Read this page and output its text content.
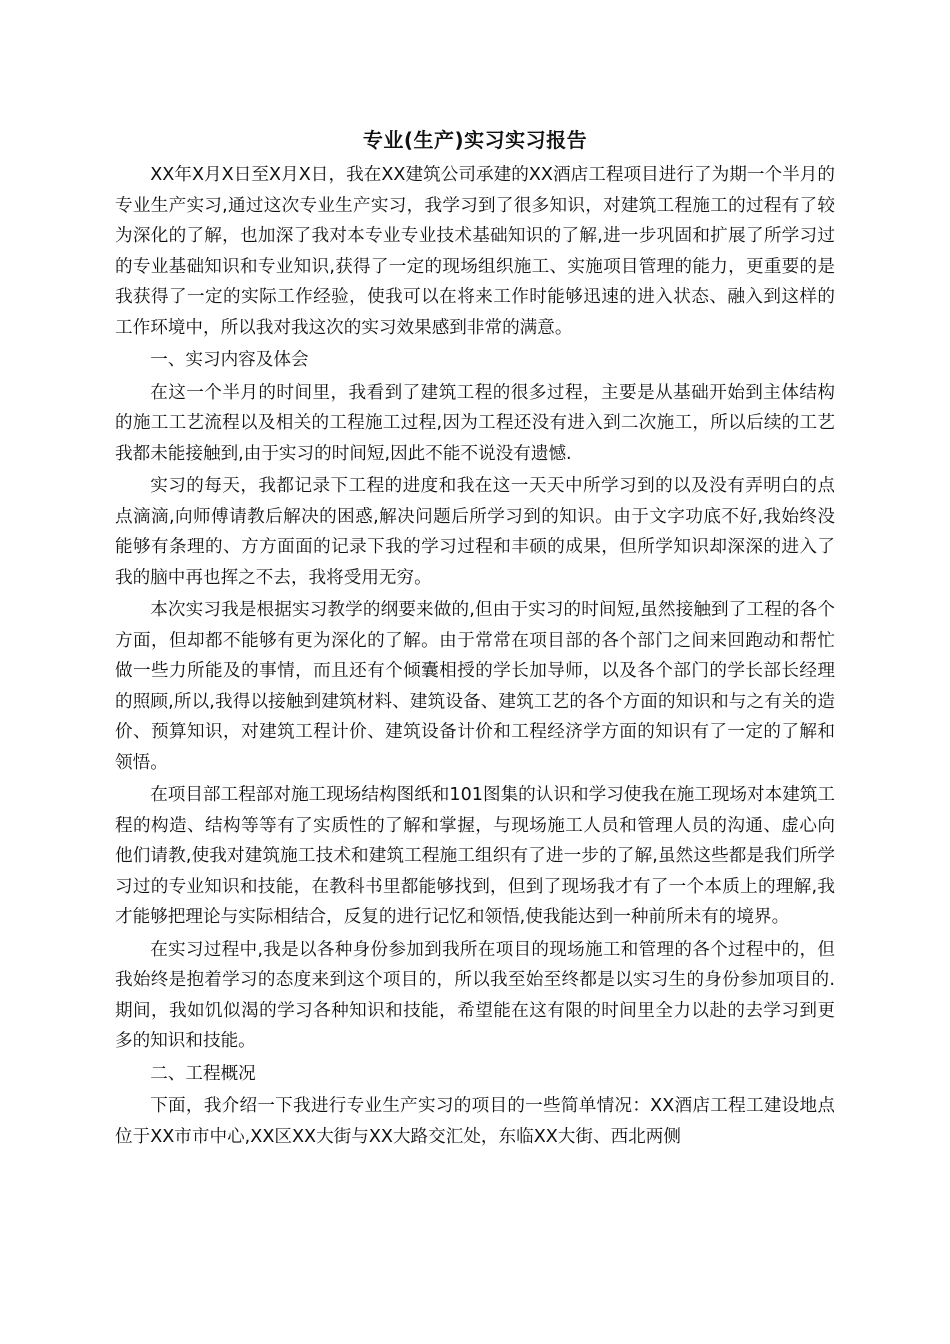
专业(生产)实习实习报告

XX年X月X日至X月X日，我在XX建筑公司承建的XX酒店工程项目进行了为期一个半月的专业生产实习,通过这次专业生产实习，我学习到了很多知识，对建筑工程施工的过程有了较为深化的了解，也加深了我对本专业专业技术基础知识的了解,进一步巩固和扩展了所学习过的专业基础知识和专业知识,获得了一定的现场组织施工、实施项目管理的能力，更重要的是我获得了一定的实际工作经验，使我可以在将来工作时能够迅速的进入状态、融入到这样的工作环境中，所以我对我这次的实习效果感到非常的满意。

一、实习内容及体会

在这一个半月的时间里，我看到了建筑工程的很多过程，主要是从基础开始到主体结构的施工工艺流程以及相关的工程施工过程,因为工程还没有进入到二次施工，所以后续的工艺我都未能接触到,由于实习的时间短,因此不能不说没有遗憾.

实习的每天，我都记录下工程的进度和我在这一天天中所学习到的以及没有弄明白的点点滴滴,向师傅请教后解决的困惑,解决问题后所学习到的知识。由于文字功底不好,我始终没能够有条理的、方方面面的记录下我的学习过程和丰硕的成果，但所学知识却深深的进入了我的脑中再也挥之不去，我将受用无穷。

本次实习我是根据实习教学的纲要来做的,但由于实习的时间短,虽然接触到了工程的各个方面，但却都不能够有更为深化的了解。由于常常在项目部的各个部门之间来回跑动和帮忙做一些力所能及的事情，而且还有个倾囊相授的学长加导师，以及各个部门的学长部长经理的照顾,所以,我得以接触到建筑材料、建筑设备、建筑工艺的各个方面的知识和与之有关的造价、预算知识，对建筑工程计价、建筑设备计价和工程经济学方面的知识有了一定的了解和领悟。

在项目部工程部对施工现场结构图纸和101图集的认识和学习使我在施工现场对本建筑工程的构造、结构等等有了实质性的了解和掌握，与现场施工人员和管理人员的沟通、虚心向他们请教,使我对建筑施工技术和建筑工程施工组织有了进一步的了解,虽然这些都是我们所学习过的专业知识和技能，在教科书里都能够找到，但到了现场我才有了一个本质上的理解,我才能够把理论与实际相结合，反复的进行记忆和领悟,使我能达到一种前所未有的境界。

在实习过程中,我是以各种身份参加到我所在项目的现场施工和管理的各个过程中的，但我始终是抱着学习的态度来到这个项目的，所以我至始至终都是以实习生的身份参加项目的.期间，我如饥似渴的学习各种知识和技能，希望能在这有限的时间里全力以赴的去学习到更多的知识和技能。

二、工程概况

下面，我介绍一下我进行专业生产实习的项目的一些简单情况：XX酒店工程工建设地点位于XX市市中心,XX区XX大街与XX大路交汇处，东临XX大街、西北两侧
